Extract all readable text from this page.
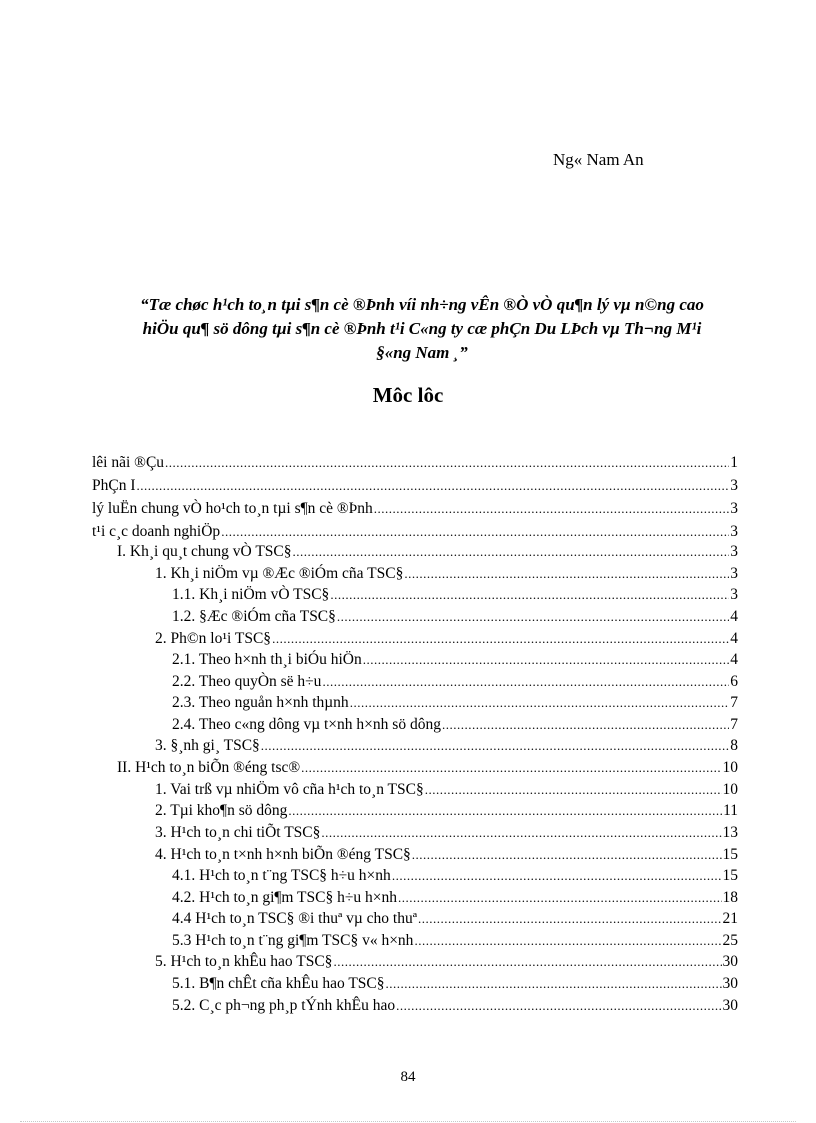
Ng« Nam An
“Tæ chøc h¹ch to¸n tµi s¶n cè ®Þnh víi nh÷ng vÊn ®Ò vÒ qu¶n lý vµ n©ng cao
hiÖu qu¶ sö dông tµi s¶n cè ®Þnh t¹i C«ng ty cæ phÇn Du LÞch vµ Th¬ng M¹i
§«ng Nam ¸”
Môc lôc
lêi nãi ®Çu .....	1
PhÇn I .....	3
lý luËn chung vÒ ho¹ch to¸n tµi s¶n cè ®Þnh .....	3
t¹i c¸c doanh nghiÖp .....	3
I. Kh¸i qu¸t chung vÒ TSC§ .....	3
1. Kh¸i niÖm vµ ®Æc ®iÓm cña TSC§ .....	3
1.1. Kh¸i niÖm vÒ TSC§ .....	3
1.2. §Æc ®iÓm cña TSC§ .....	4
2. Ph©n lo¹i TSC§ .....	4
2.1. Theo h×nh th¸i biÓu hiÖn .....	4
2.2. Theo quyÒn së h÷u .....	6
2.3. Theo nguån h×nh thµnh .....	7
2.4. Theo c«ng dông vµ t×nh h×nh sö dông .....	7
3. §¸nh gi¸ TSC§ .....	8
II. H¹ch to¸n biÕn ®éng tsc® .....	10
1. Vai trß vµ nhiÖm vô cña h¹ch to¸n TSC§ .....	10
2. Tµi kho¶n sö dông .....	11
3. H¹ch to¸n chi tiÕt TSC§ .....	13
4. H¹ch to¸n t×nh h×nh biÕn ®éng TSC§ .....	15
4.1. H¹ch to¸n t¨ng TSC§ h÷u h×nh .....	15
4.2. H¹ch to¸n gi¶m TSC§ h÷u h×nh .....	18
4.4 H¹ch to¸n TSC§ ®i thuª vµ cho thuª .....	21
5.3 H¹ch to¸n t¨ng gi¶m TSC§ v« h×nh .....	25
5. H¹ch to¸n khÊu hao TSC§ .....	30
5.1. B¶n chÊt cña khÊu hao TSC§ .....	30
5.2. C¸c ph¬ng ph¸p tÝnh khÊu hao .....	30
84
